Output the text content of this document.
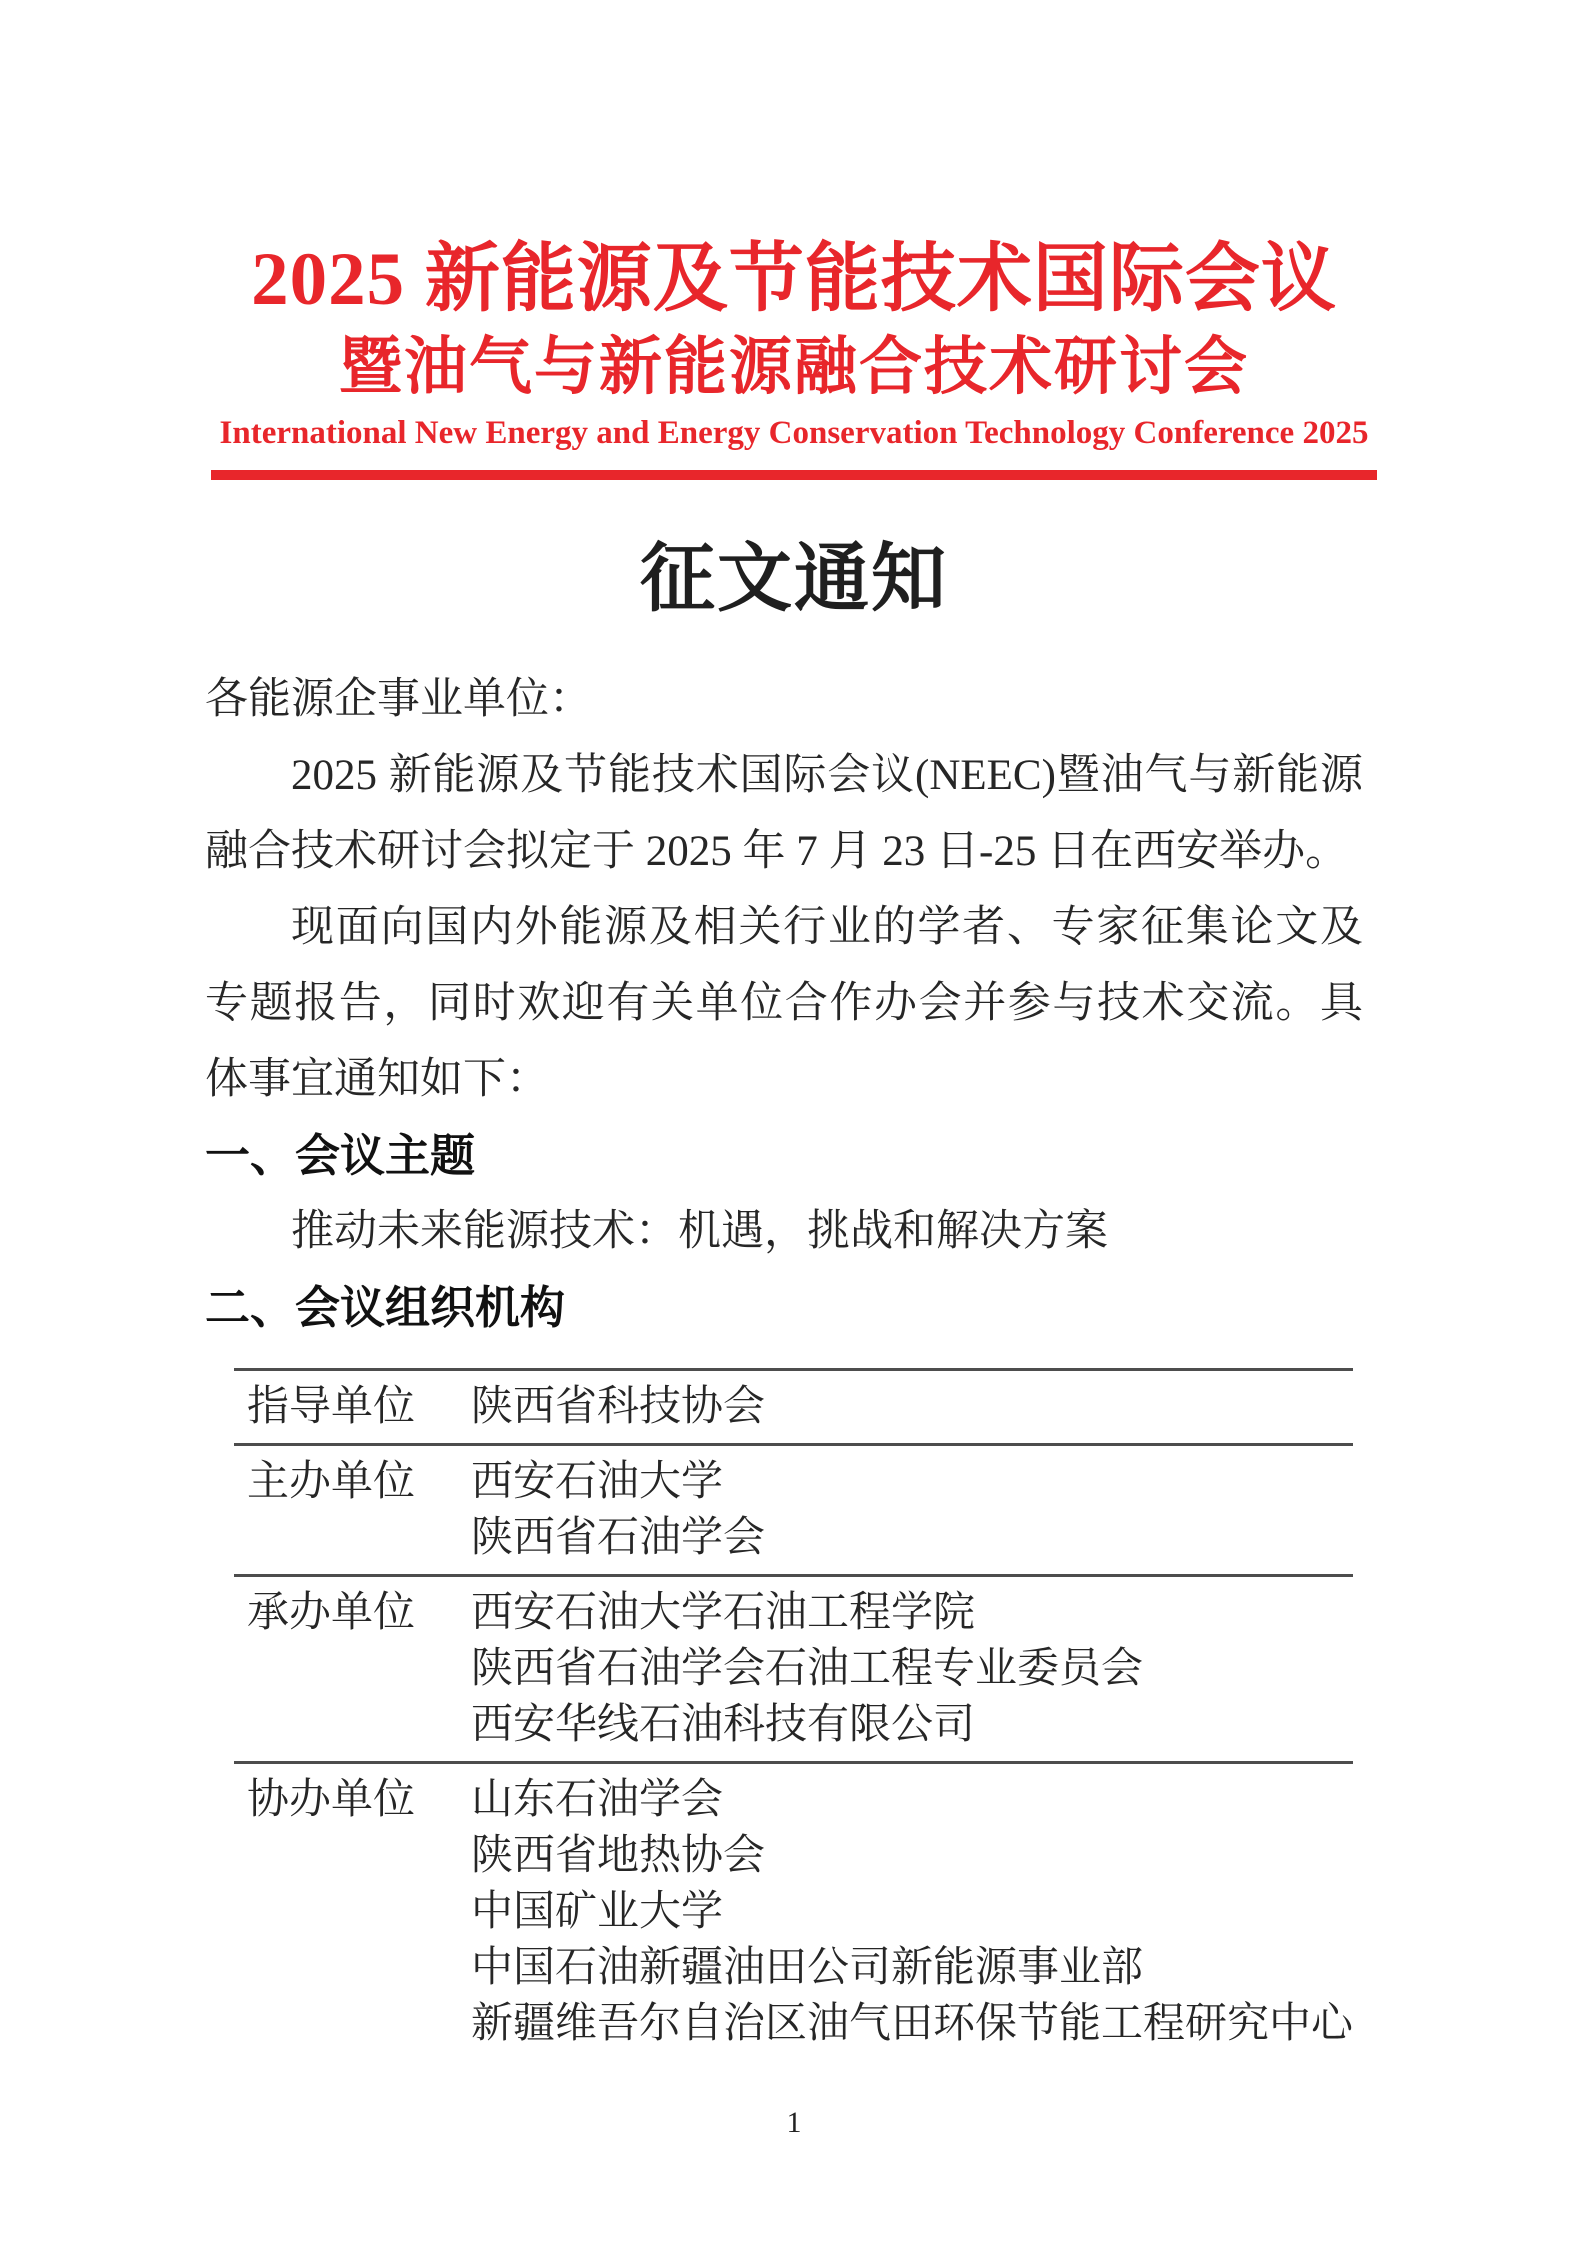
2025 新能源及节能技术国际会议
暨油气与新能源融合技术研讨会
International New Energy and Energy Conservation Technology Conference 2025
征文通知

各能源企事业单位：

2025 新能源及节能技术国际会议(NEEC)暨油气与新能源融合技术研讨会拟定于 2025 年 7 月 23 日-25 日在西安举办。

现面向国内外能源及相关行业的学者、专家征集论文及专题报告，同时欢迎有关单位合作办会并参与技术交流。具体事宜通知如下：

一、会议主题

推动未来能源技术：机遇，挑战和解决方案

二、会议组织机构

指导单位	陕西省科技协会

主办单位	西安石油大学
陕西省石油学会

承办单位	西安石油大学石油工程学院
陕西省石油学会石油工程专业委员会
西安华线石油科技有限公司

协办单位	山东石油学会
陕西省地热协会
中国矿业大学
中国石油新疆油田公司新能源事业部
新疆维吾尔自治区油气田环保节能工程研究中心
1
